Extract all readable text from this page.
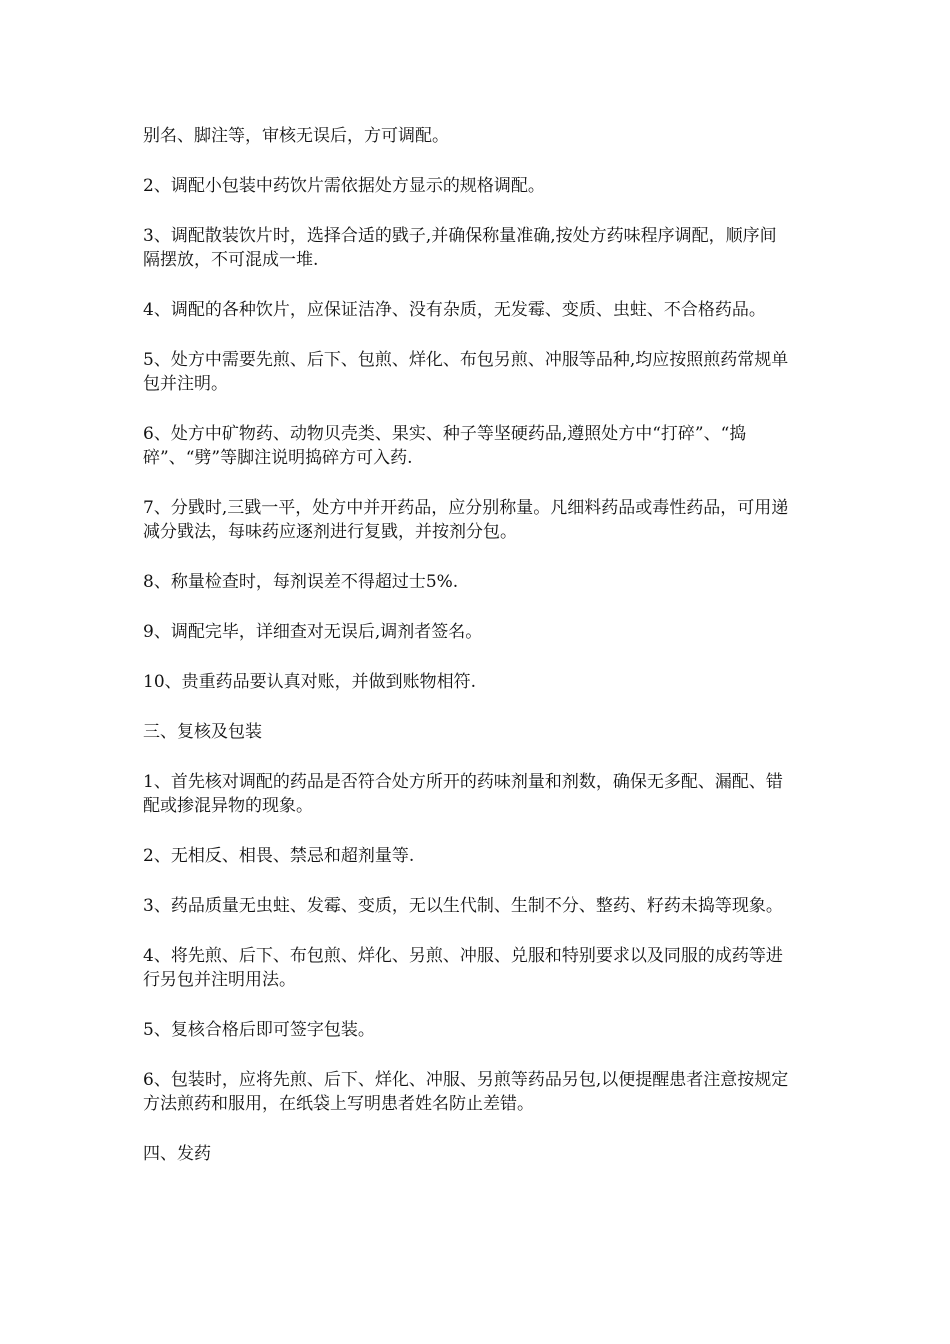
别名、脚注等，审核无误后，方可调配。

2、调配小包装中药饮片需依据处方显示的规格调配。

3、调配散装饮片时，选择合适的戥子,并确保称量准确,按处方药味程序调配，顺序间隔摆放，不可混成一堆.

4、调配的各种饮片，应保证洁净、没有杂质，无发霉、变质、虫蛀、不合格药品。

5、处方中需要先煎、后下、包煎、烊化、布包另煎、冲服等品种,均应按照煎药常规单包并注明。

6、处方中矿物药、动物贝壳类、果实、种子等坚硬药品,遵照处方中“打碎”、“捣碎”、“劈”等脚注说明捣碎方可入药.

7、分戥时,三戥一平，处方中并开药品，应分别称量。凡细料药品或毒性药品，可用递减分戥法，每味药应逐剂进行复戥，并按剂分包。

8、称量检查时，每剂误差不得超过士5%.

9、调配完毕，详细查对无误后,调剂者签名。

10、贵重药品要认真对账，并做到账物相符.

三、复核及包装

1、首先核对调配的药品是否符合处方所开的药味剂量和剂数，确保无多配、漏配、错配或掺混异物的现象。

2、无相反、相畏、禁忌和超剂量等.

3、药品质量无虫蛀、发霉、变质，无以生代制、生制不分、整药、籽药未捣等现象。

4、将先煎、后下、布包煎、烊化、另煎、冲服、兑服和特别要求以及同服的成药等进行另包并注明用法。

5、复核合格后即可签字包装。

6、包装时，应将先煎、后下、烊化、冲服、另煎等药品另包,以便提醒患者注意按规定方法煎药和服用，在纸袋上写明患者姓名防止差错。

四、发药
